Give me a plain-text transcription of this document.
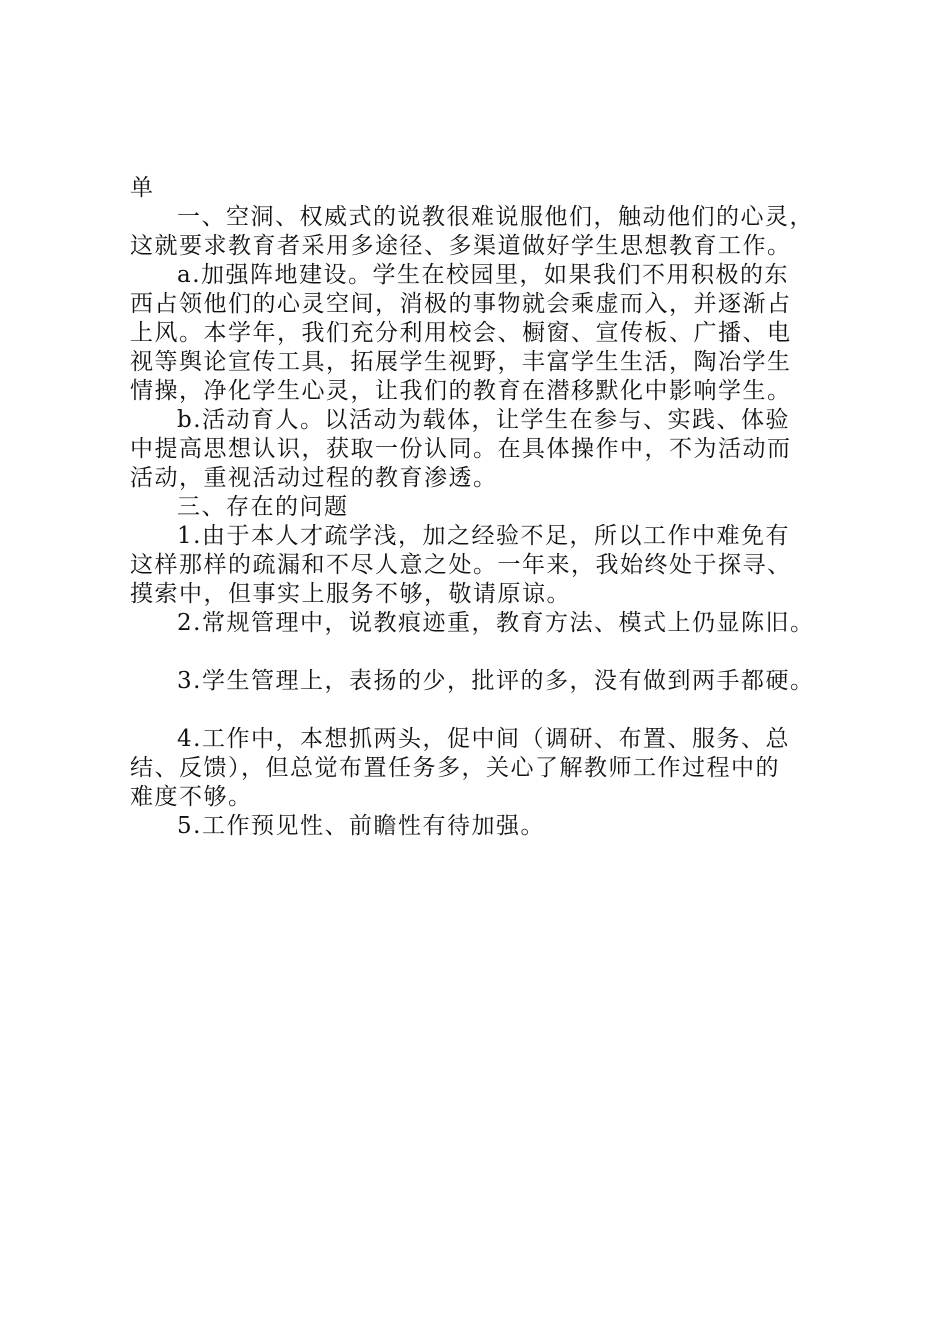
单

一、空洞、权威式的说教很难说服他们，触动他们的心灵，

这就要求教育者采用多途径、多渠道做好学生思想教育工作。

a.加强阵地建设。学生在校园里，如果我们不用积极的东

西占领他们的心灵空间，消极的事物就会乘虚而入，并逐渐占

上风。本学年，我们充分利用校会、橱窗、宣传板、广播、电

视等舆论宣传工具，拓展学生视野，丰富学生生活，陶冶学生

情操，净化学生心灵，让我们的教育在潜移默化中影响学生。

b.活动育人。以活动为载体，让学生在参与、实践、体验

中提高思想认识，获取一份认同。在具体操作中，不为活动而

活动，重视活动过程的教育渗透。

三、存在的问题

1.由于本人才疏学浅，加之经验不足，所以工作中难免有

这样那样的疏漏和不尽人意之处。一年来，我始终处于探寻、

摸索中，但事实上服务不够，敬请原谅。

2.常规管理中，说教痕迹重，教育方法、模式上仍显陈旧。

3.学生管理上，表扬的少，批评的多，没有做到两手都硬。

4.工作中，本想抓两头，促中间（调研、布置、服务、总

结、反馈），但总觉布置任务多，关心了解教师工作过程中的

难度不够。

5.工作预见性、前瞻性有待加强。
